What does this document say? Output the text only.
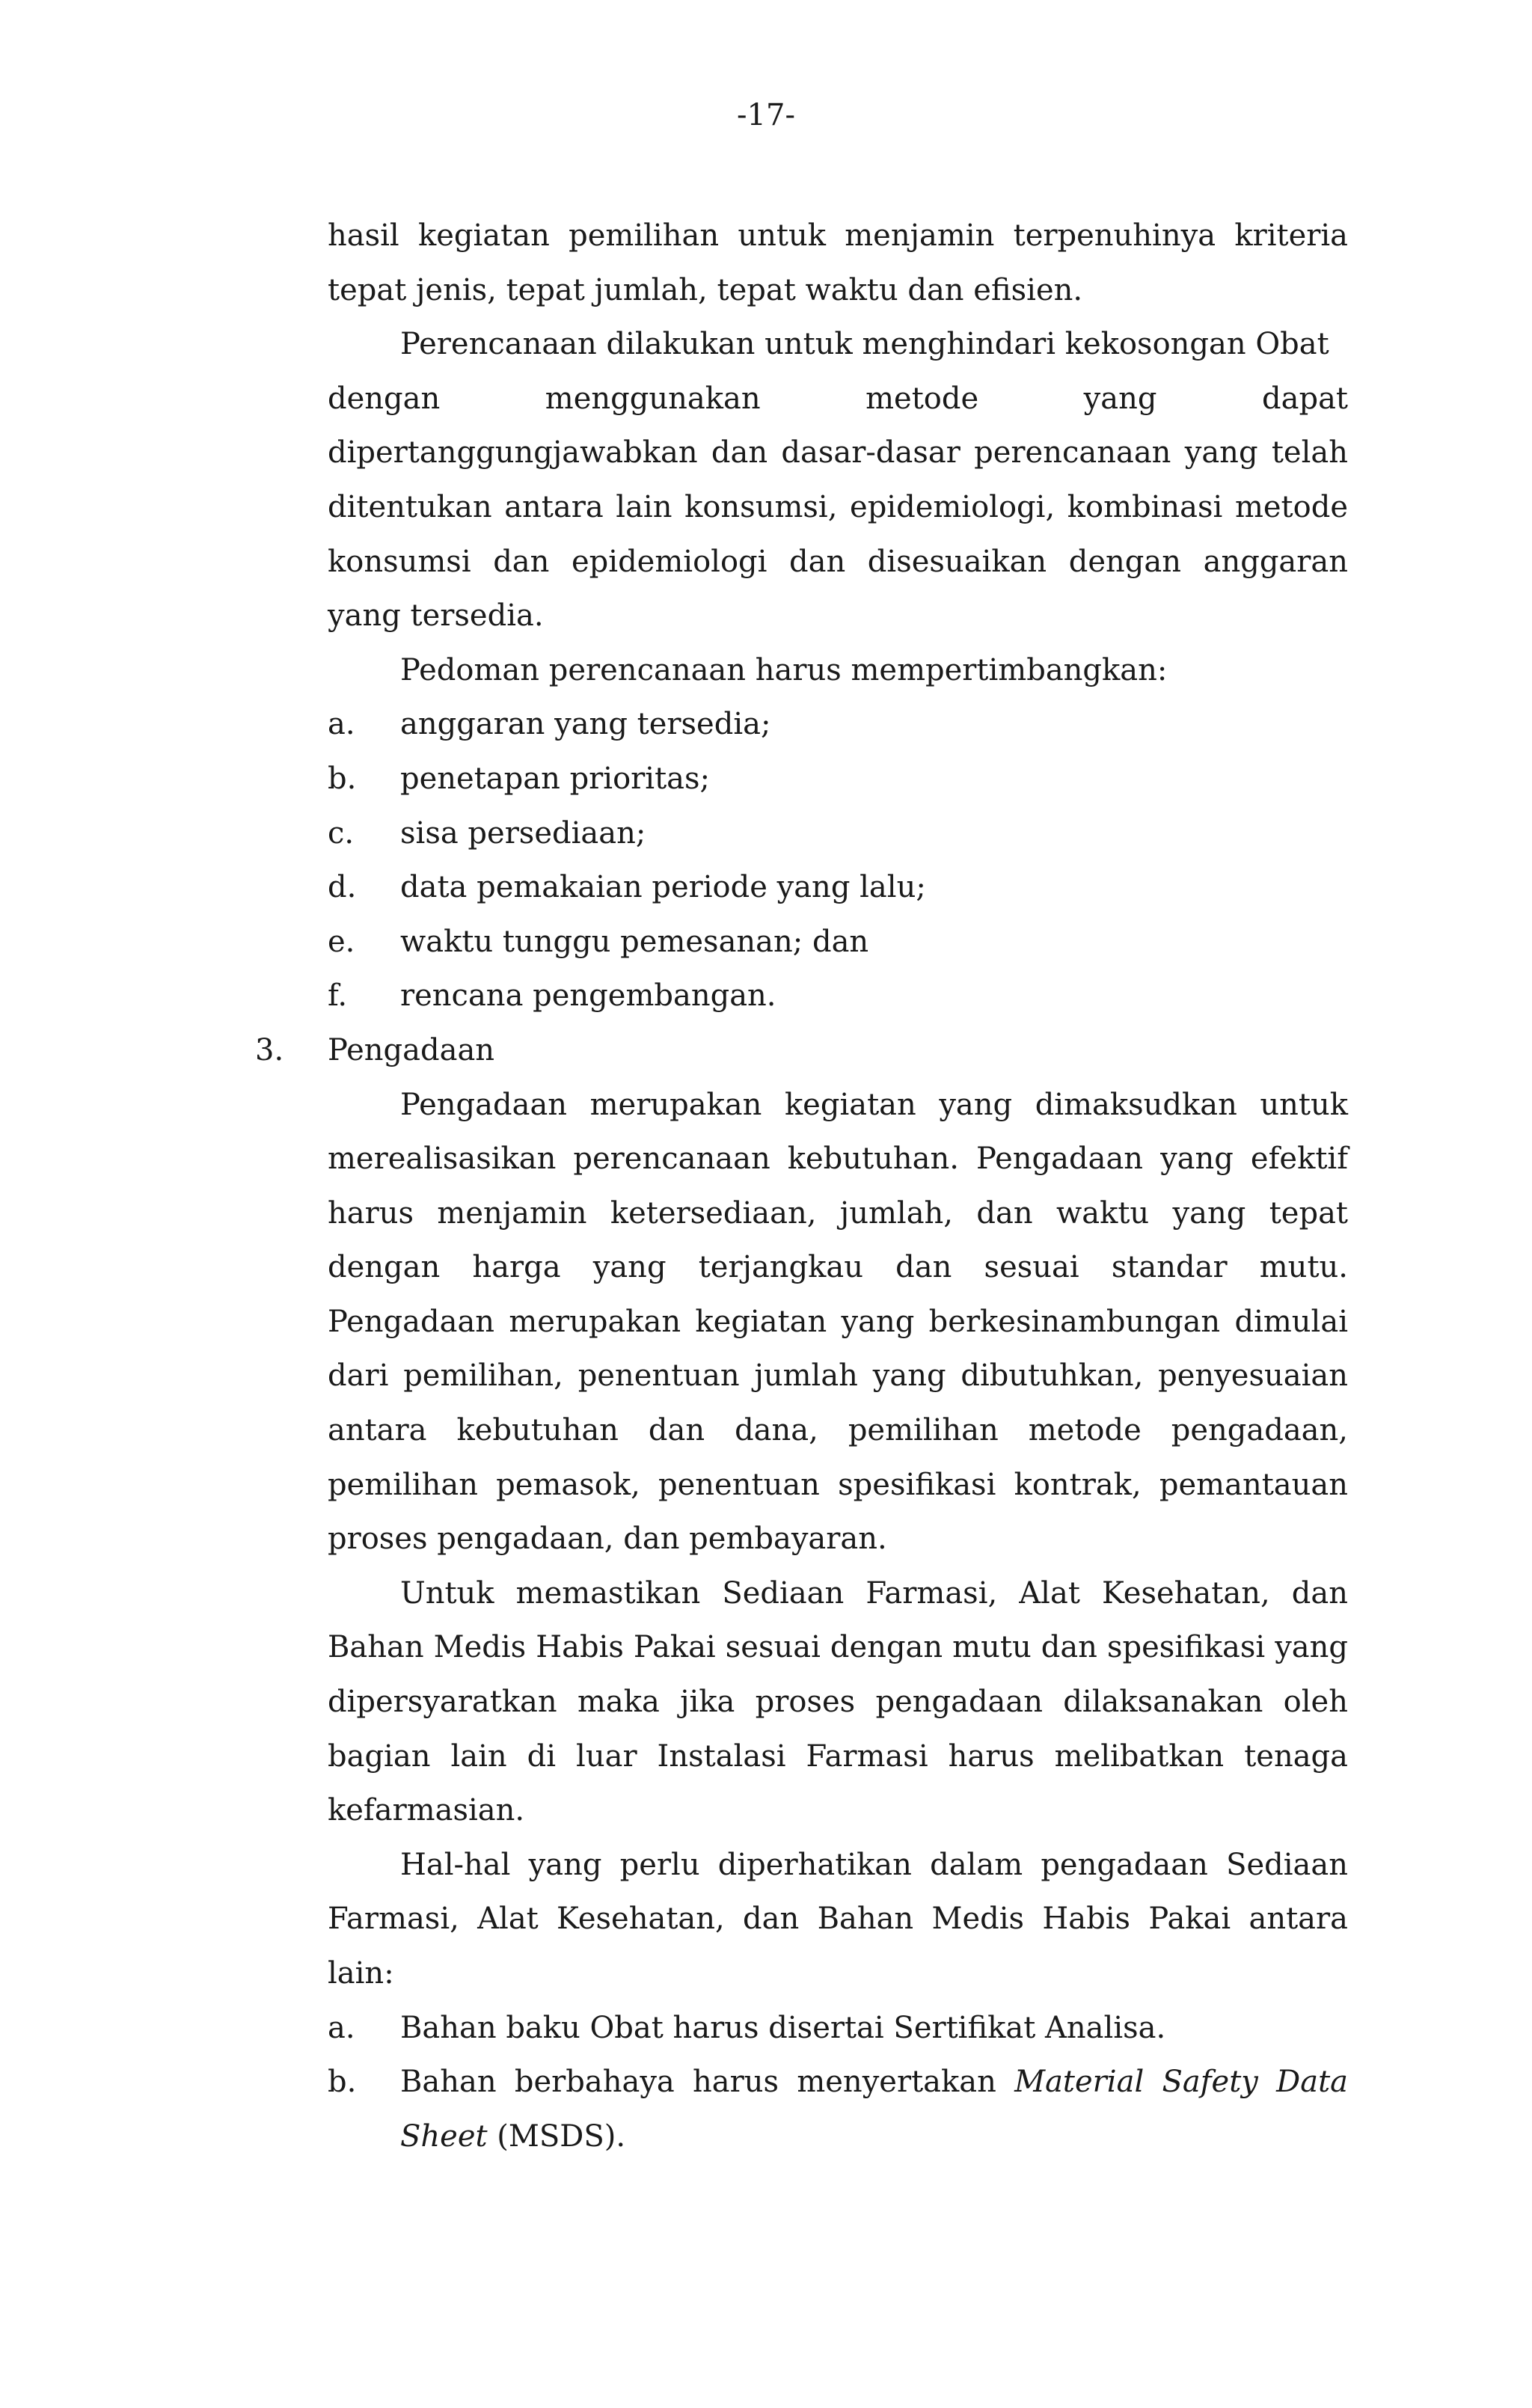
-17-

hasil kegiatan pemilihan untuk menjamin terpenuhinya kriteria tepat jenis, tepat jumlah, tepat waktu dan efisien.

Perencanaan dilakukan untuk menghindari kekosongan Obat

dengan menggunakan metode yang dapat

dipertanggungjawabkan dan dasar-dasar perencanaan yang telah ditentukan antara lain konsumsi, epidemiologi, kombinasi metode konsumsi dan epidemiologi dan disesuaikan dengan anggaran yang tersedia.

Pedoman perencanaan harus mempertimbangkan:

a.	anggaran yang tersedia;
b.	penetapan prioritas;
c.	sisa persediaan;
d.	data pemakaian periode yang lalu;
e.	waktu tunggu pemesanan; dan
f.	rencana pengembangan.
3.	Pengadaan

Pengadaan merupakan kegiatan yang dimaksudkan untuk merealisasikan perencanaan kebutuhan. Pengadaan yang efektif harus menjamin ketersediaan, jumlah, dan waktu yang tepat dengan harga yang terjangkau dan sesuai standar mutu. Pengadaan merupakan kegiatan yang berkesinambungan dimulai dari pemilihan, penentuan jumlah yang dibutuhkan, penyesuaian antara kebutuhan dan dana, pemilihan metode pengadaan, pemilihan pemasok, penentuan spesifikasi kontrak, pemantauan proses pengadaan, dan pembayaran.

Untuk memastikan Sediaan Farmasi, Alat Kesehatan, dan Bahan Medis Habis Pakai sesuai dengan mutu dan spesifikasi yang dipersyaratkan maka jika proses pengadaan dilaksanakan oleh bagian lain di luar Instalasi Farmasi harus melibatkan tenaga kefarmasian.

Hal-hal yang perlu diperhatikan dalam pengadaan Sediaan Farmasi, Alat Kesehatan, dan Bahan Medis Habis Pakai antara lain:

a.	Bahan baku Obat harus disertai Sertifikat Analisa.
b.	Bahan berbahaya harus menyertakan Material Safety Data Sheet (MSDS).
